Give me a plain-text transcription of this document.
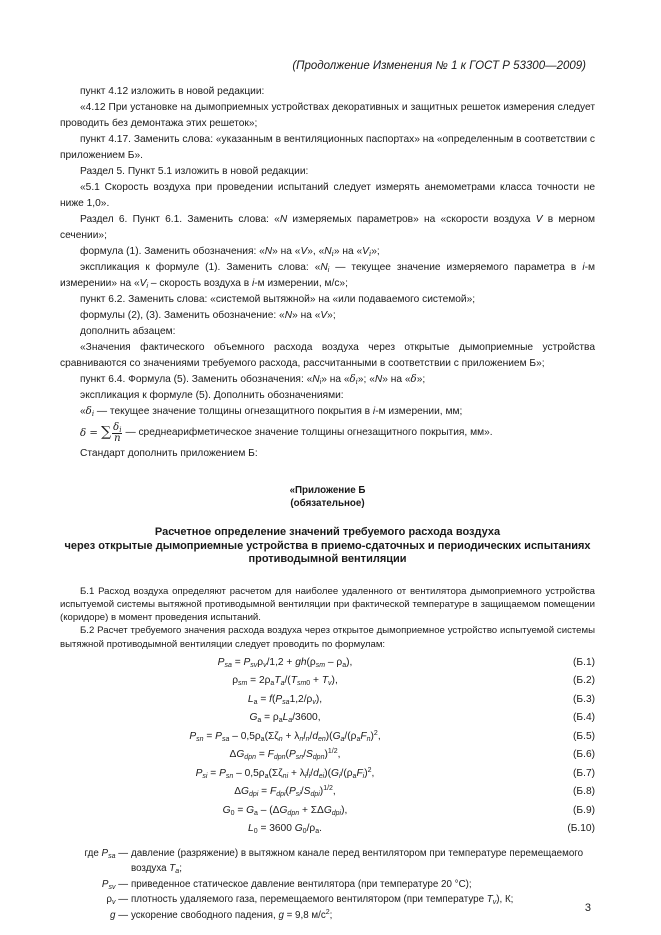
(Продолжение Изменения № 1 к ГОСТ Р 53300—2009)

пункт 4.12 изложить в новой редакции:

«4.12 При установке на дымоприемных устройствах декоративных и защитных решеток измерения следует проводить без демонтажа этих решеток»;

пункт 4.17. Заменить слова: «указанным в вентиляционных паспортах» на «определенным в соответствии с приложением Б».

Раздел 5. Пункт 5.1 изложить в новой редакции:

«5.1 Скорость воздуха при проведении испытаний следует измерять анемометрами класса точности не ниже 1,0».

Раздел 6. Пункт 6.1. Заменить слова: «N измеряемых параметров» на «скорости воздуха V в мерном сечении»;

формула (1). Заменить обозначения: «N» на «V», «$N_i$» на «$V_i$»;

экспликация к формуле (1). Заменить слова: «$N_i$ — текущее значение измеряемого параметра в i-м измерении» на «$V_i$ – скорость воздуха в i-м измерении, м/с»;

пункт 6.2. Заменить слова: «системой вытяжной» на «или подаваемого системой»;

формулы (2), (3). Заменить обозначение: «N» на «V»;

дополнить абзацем:

«Значения фактического объемного расхода воздуха через открытые дымоприемные устройства сравниваются со значениями требуемого расхода, рассчитанными в соответствии с приложением Б»;

пункт 6.4. Формула (5). Заменить обозначения: «$N_i$» на «$\delta_i$»; «N» на «δ»;

экспликация к формуле (5). Дополнить обозначениями:

«$\delta_i$ — текущее значение толщины огнезащитного покрытия в i-м измерении, мм;

δ = ∑ $\frac{\delta_i}{n}$ — среднеарифметическое значение толщины огнезащитного покрытия, мм».

Стандарт дополнить приложением Б:

«Приложение Б
(обязательное)
Расчетное определение значений требуемого расхода воздуха
через открытые дымоприемные устройства в приемо-сдаточных и периодических испытаниях
противодымной вентиляции

Б.1 Расход воздуха определяют расчетом для наиболее удаленного от вентилятора дымоприемного устройства испытуемой системы вытяжной противодымной вентиляции при фактической температуре в защищаемом помещении (коридоре) в момент проведения испытаний.

Б.2 Расчет требуемого значения расхода воздуха через открытое дымоприемное устройство испытуемой системы вытяжной противодымной вентиляции следует проводить по формулам:

$P_{sa} = P_{sv}\rho_v/1,2 + gh(\rho_{sm} - \rho_a)$,	(Б.1)
$\rho_{sm} = 2\rho_aT_a/(T_{sm0} + T_v)$,	(Б.2)
$L_a = f(P_{sa}1,2/\rho_v)$,	(Б.3)
$G_a = \rho_aL_a/3600$,	(Б.4)
$P_{sn} = P_{sa} - 0,5\rho_a(\Sigma\zeta_n + \lambda_nl_n/d_{en})(G_a/(\rho_aF_n)^2$,	(Б.5)
$\Delta G_{dpn} = F_{dpn}(P_{sn}/S_{dpn})^{1/2}$,	(Б.6)
$P_{si} = P_{sn} - 0,5\rho_a(\Sigma\zeta_{ni} + \lambda_il_i/d_{ei})(G_i/(\rho_aF_i)^2$,	(Б.7)
$\Delta G_{dpi} = F_{dpi}(P_{si}/S_{dpi})^{1/2}$,	(Б.8)
$G_0 = G_a - (\Delta G_{dpn} + \Sigma\Delta G_{dpi})$,	(Б.9)
$L_0 = 3600$ $G_0/\rho_a$.	(Б.10)
где $P_{sa}$ — давление (разряжение) в вытяжном канале перед вентилятором при температуре перемещаемого
воздуха $T_a$;
$P_{sv}$ — приведенное статическое давление вентилятора (при температуре 20 °C);
$\rho_v$ — плотность удаляемого газа, перемещаемого вентилятором (при температуре $T_v$), К;
g — ускорение свободного падения, g = 9,8 $м/с^2$;
3
